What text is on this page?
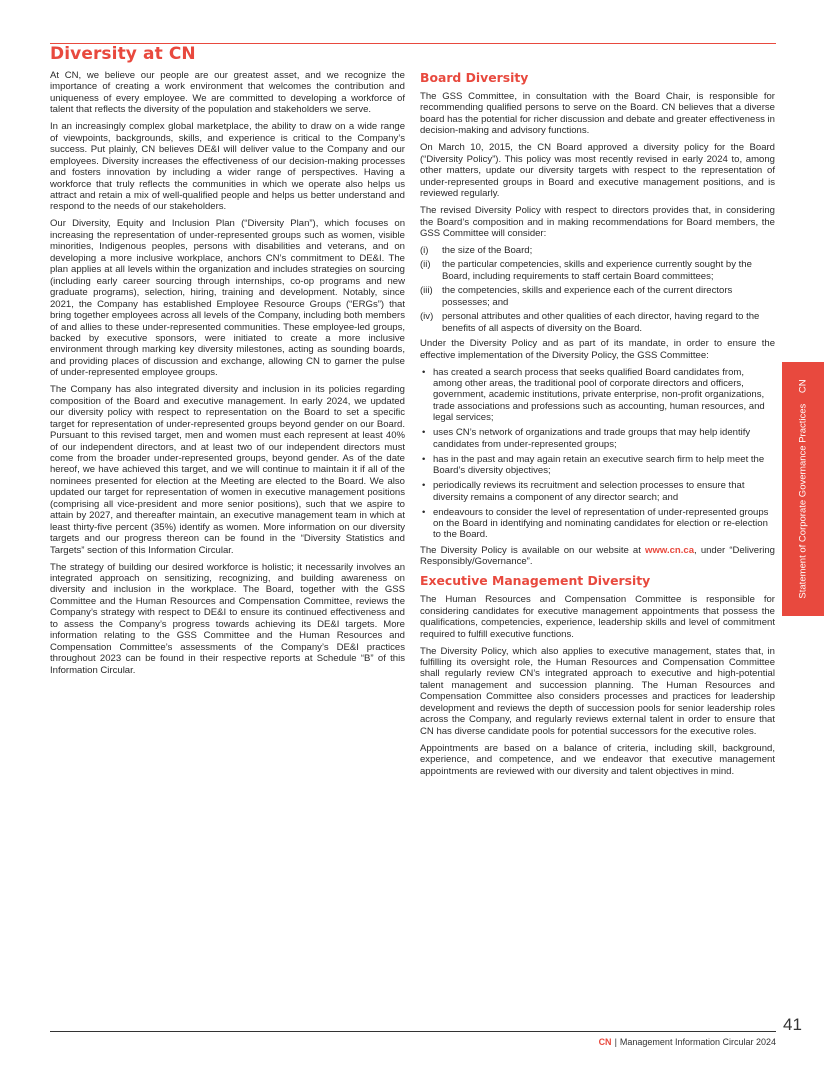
Diversity at CN

At CN, we believe our people are our greatest asset, and we recognize the importance of creating a work environment that welcomes the contribution and uniqueness of every employee. We are committed to developing a workforce of talent that reflects the diversity of the population and stakeholders we serve.

In an increasingly complex global marketplace, the ability to draw on a wide range of viewpoints, backgrounds, skills, and experience is critical to the Company’s success. Put plainly, CN believes DE&I will deliver value to the Company and our employees. Diversity increases the effectiveness of our decision-making processes and fosters innovation by including a wider range of perspectives. Having a workforce that truly reflects the communities in which we operate also helps us attract and retain a mix of well-qualified people and helps us better understand and respond to the needs of our stakeholders.

Our Diversity, Equity and Inclusion Plan (“Diversity Plan”), which focuses on increasing the representation of under-represented groups such as women, visible minorities, Indigenous peoples, persons with disabilities and veterans, and on developing a more inclusive workplace, anchors CN’s commitment to DE&I. The plan applies at all levels within the organization and includes strategies on sourcing (including early career sourcing through internships, co-op programs and new graduate programs), selection, hiring, training and development. Notably, since 2021, the Company has established Employee Resource Groups (“ERGs”) that bring together employees across all levels of the Company, including both members of and allies to these under-represented communities. These employee-led groups, backed by executive sponsors, were initiated to create a more inclusive environment through marking key diversity milestones, acting as sounding boards, and providing places of discussion and exchange, allowing CN to garner the pulse of under-represented employee groups.

The Company has also integrated diversity and inclusion in its policies regarding composition of the Board and executive management. In early 2024, we updated our diversity policy with respect to representation on the Board to set a specific target for representation of under-represented groups beyond gender on our Board. Pursuant to this revised target, men and women must each represent at least 40% of our independent directors, and at least two of our independent directors must come from the broader under-represented groups, beyond gender. As of the date hereof, we have achieved this target, and we will continue to maintain it if all of the nominees presented for election at the Meeting are elected to the Board. We also updated our target for representation of women in executive management positions (comprising all vice-president and more senior positions), such that we aspire to attain by 2027, and thereafter maintain, an executive management team in which at least thirty-five percent (35%) identify as women. More information on our diversity targets and our progress thereon can be found in the “Diversity Statistics and Targets” section of this Information Circular.

The strategy of building our desired workforce is holistic; it necessarily involves an integrated approach on sensitizing, recognizing, and building awareness on diversity and inclusion in the workplace. The Board, together with the GSS Committee and the Human Resources and Compensation Committee, reviews the Company’s strategy with respect to DE&I to ensure its continued effectiveness and to assess the Company’s progress towards achieving its DE&I targets. More information relating to the GSS Committee and the Human Resources and Compensation Committee’s assessments of the Company’s DE&I practices throughout 2023 can be found in their respective reports at Schedule “B” of this Information Circular.

Board Diversity

The GSS Committee, in consultation with the Board Chair, is responsible for recommending qualified persons to serve on the Board. CN believes that a diverse board has the potential for richer discussion and debate and greater effectiveness in decision-making and advisory functions.

On March 10, 2015, the CN Board approved a diversity policy for the Board (“Diversity Policy”). This policy was most recently revised in early 2024 to, among other matters, update our diversity targets with respect to the representation of under-represented groups in Board and executive management positions, and is reviewed regularly.

The revised Diversity Policy with respect to directors provides that, in considering the Board’s composition and in making recommendations for Board members, the GSS Committee will consider:

(i) the size of the Board;
(ii) the particular competencies, skills and experience currently sought by the Board, including requirements to staff certain Board committees;
(iii) the competencies, skills and experience each of the current directors possesses; and
(iv) personal attributes and other qualities of each director, having regard to the benefits of all aspects of diversity on the Board.

Under the Diversity Policy and as part of its mandate, in order to ensure the effective implementation of the Diversity Policy, the GSS Committee:

• has created a search process that seeks qualified Board candidates from, among other areas, the traditional pool of corporate directors and officers, government, academic institutions, private enterprise, non-profit organizations, trade associations and professions such as accounting, human resources, and legal services;
• uses CN’s network of organizations and trade groups that may help identify candidates from under-represented groups;
• has in the past and may again retain an executive search firm to help meet the Board’s diversity objectives;
• periodically reviews its recruitment and selection processes to ensure that diversity remains a component of any director search; and
• endeavours to consider the level of representation of under-represented groups on the Board in identifying and nominating candidates for election or re-election to the Board.

The Diversity Policy is available on our website at www.cn.ca, under “Delivering Responsibly/Governance”.

Executive Management Diversity

The Human Resources and Compensation Committee is responsible for considering candidates for executive management appointments that possess the qualifications, competencies, experience, leadership skills and level of commitment required to fulfill executive functions.

The Diversity Policy, which also applies to executive management, states that, in fulfilling its oversight role, the Human Resources and Compensation Committee shall regularly review CN’s integrated approach to executive and high-potential talent management and succession planning. The Human Resources and Compensation Committee also considers processes and practices for leadership development and reviews the depth of succession pools for senior leadership roles across the Company, and regularly reviews external talent in order to ensure that CN has diverse candidate pools for potential successors for the executive roles.

Appointments are based on a balance of criteria, including skill, background, experience, and competence, and we endeavor that executive management appointments are reviewed with our diversity and talent objectives in mind.

Statement of Corporate Governance Practices    CN
41
CN | Management Information Circular 2024
